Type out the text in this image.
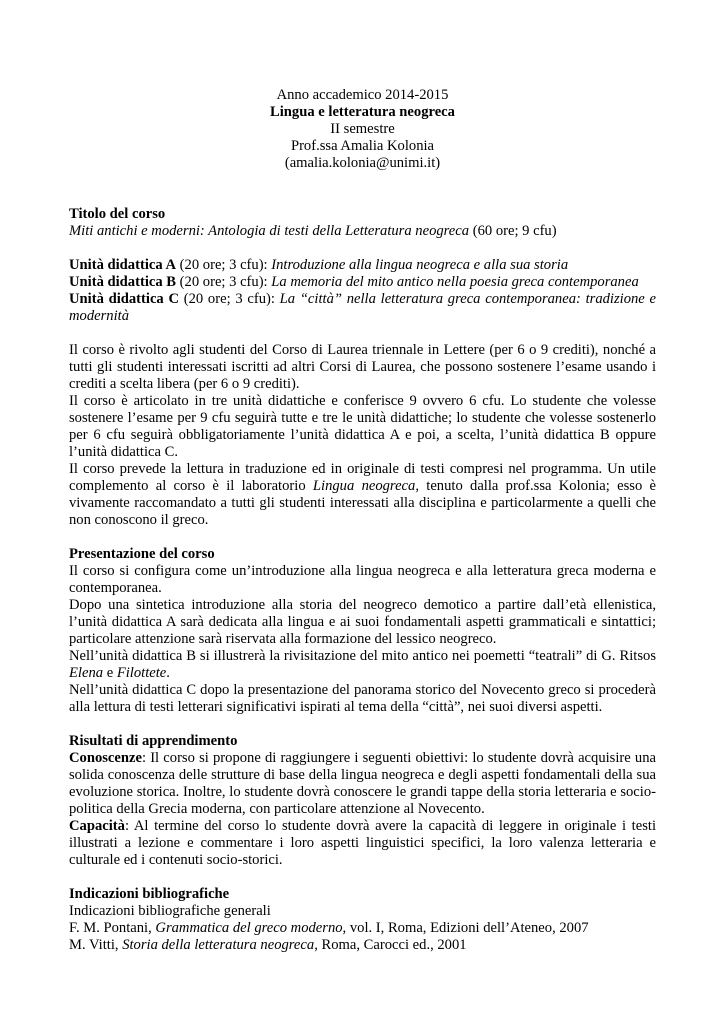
Anno accademico 2014-2015
Lingua e letteratura neogreca
II semestre
Prof.ssa Amalia Kolonia
(amalia.kolonia@unimi.it)

Titolo del corso

Miti antichi e moderni: Antologia di testi della Letteratura neogreca (60 ore; 9 cfu)

Unità didattica A (20 ore; 3 cfu): Introduzione alla lingua neogreca e alla sua storia

Unità didattica B (20 ore; 3 cfu): La memoria del mito antico nella poesia greca contemporanea

Unità didattica C (20 ore; 3 cfu): La “città” nella letteratura greca contemporanea: tradizione e modernità

Il corso è rivolto agli studenti del Corso di Laurea triennale in Lettere (per 6 o 9 crediti), nonché a tutti gli studenti interessati iscritti ad altri Corsi di Laurea, che possono sostenere l’esame usando i crediti a scelta libera (per 6 o 9 crediti).

Il corso è articolato in tre unità didattiche e conferisce 9 ovvero 6 cfu. Lo studente che volesse sostenere l’esame per 9 cfu seguirà tutte e tre le unità didattiche; lo studente che volesse sostenerlo per 6 cfu seguirà obbligatoriamente l’unità didattica A e poi, a scelta, l’unità didattica B oppure l’unità didattica C.

Il corso prevede la lettura in traduzione ed in originale di testi compresi nel programma. Un utile complemento al corso è il laboratorio Lingua neogreca, tenuto dalla prof.ssa Kolonia; esso è vivamente raccomandato a tutti gli studenti interessati alla disciplina e particolarmente a quelli che non conoscono il greco.

Presentazione del corso

Il corso si configura come un’introduzione alla lingua neogreca e alla letteratura greca moderna e contemporanea.

Dopo una sintetica introduzione alla storia del neogreco demotico a partire dall’età ellenistica, l’unità didattica A sarà dedicata alla lingua e ai suoi fondamentali aspetti grammaticali e sintattici; particolare attenzione sarà riservata alla formazione del lessico neogreco.

Nell’unità didattica B si illustrerà la rivisitazione del mito antico nei poemetti “teatrali” di G. Ritsos Elena e Filottete.

Nell’unità didattica C dopo la presentazione del panorama storico del Novecento greco si procederà alla lettura di testi letterari significativi ispirati al tema della “città”, nei suoi diversi aspetti.

Risultati di apprendimento

Conoscenze: Il corso si propone di raggiungere i seguenti obiettivi: lo studente dovrà acquisire una solida conoscenza delle strutture di base della lingua neogreca e degli aspetti fondamentali della sua evoluzione storica. Inoltre, lo studente dovrà conoscere le grandi tappe della storia letteraria e socio-politica della Grecia moderna, con particolare attenzione al Novecento.

Capacità: Al termine del corso lo studente dovrà avere la capacità di leggere in originale i testi illustrati a lezione e commentare i loro aspetti linguistici specifici, la loro valenza letteraria e culturale ed i contenuti socio-storici.

Indicazioni bibliografiche

Indicazioni bibliografiche generali

F. M. Pontani, Grammatica del greco moderno, vol. I, Roma, Edizioni dell’Ateneo, 2007

M. Vitti, Storia della letteratura neogreca, Roma, Carocci ed., 2001
